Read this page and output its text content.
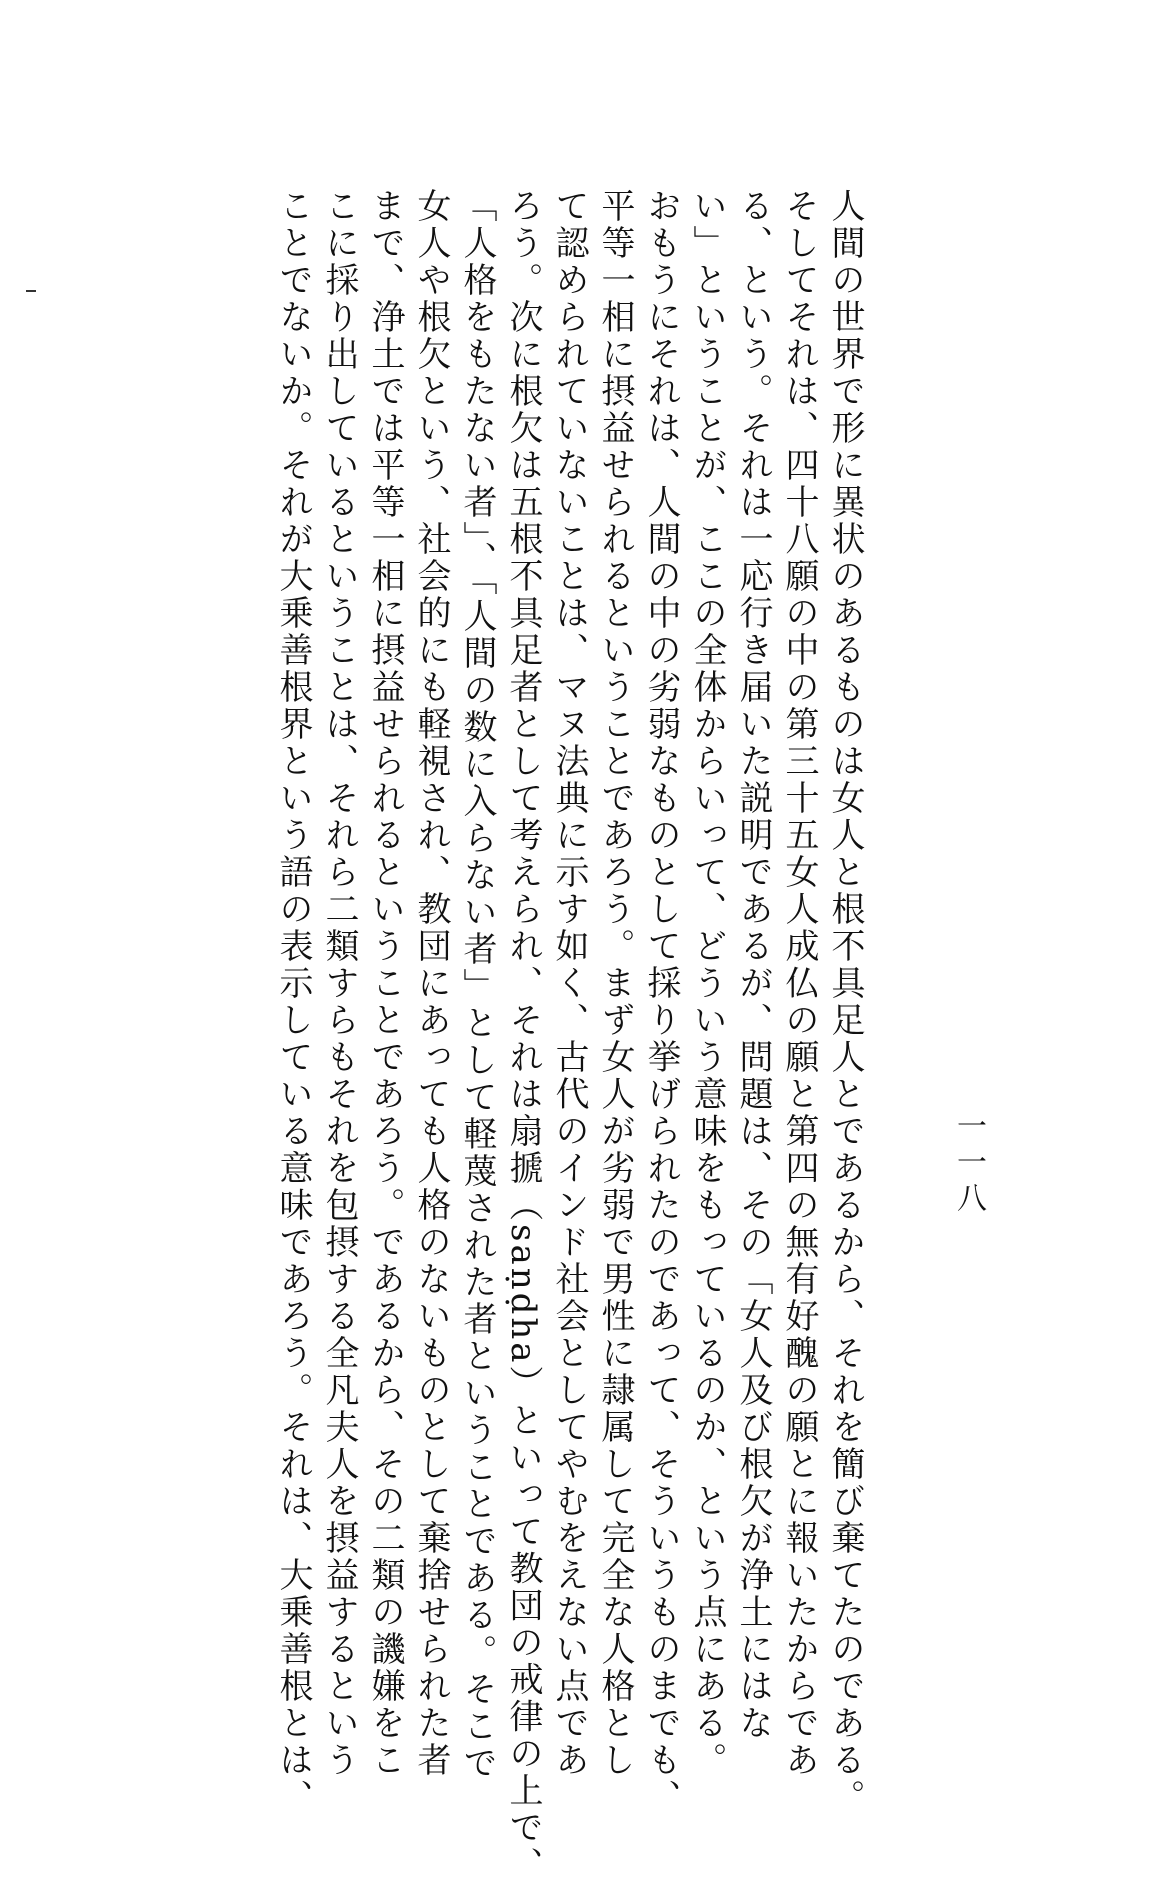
人間の世界で形に異状のあるものは女人と根不具足人とであるから、それを簡び棄てたのである。
そしてそれは、四十八願の中の第三十五女人成仏の願と第四の無有好醜の願とに報いたからであ
る、という。それは一応行き届いた説明であるが、問題は、その「女人及び根欠が浄土にはな
い」ということが、ここの全体からいって、どういう意味をもっているのか、という点にある。
おもうにそれは、人間の中の劣弱なものとして採り挙げられたのであって、そういうものまでも、
平等一相に摂益せられるということであろう。まず女人が劣弱で男性に隷属して完全な人格とし
て認められていないことは、マヌ法典に示す如く、古代のインド社会としてやむをえない点であ
ろう。次に根欠は五根不具足者として考えられ、それは扇搋（saṇḍha）といって教団の戒律の上で、
「人格をもたない者」、「人間の数に入らない者」として軽蔑された者ということである。そこで
女人や根欠という、社会的にも軽視され、教団にあっても人格のないものとして棄捨せられた者
まで、浄土では平等一相に摂益せられるということであろう。であるから、その二類の譏嫌をこ
こに採り出しているということは、それら二類すらもそれを包摂する全凡夫人を摂益するという
ことでないか。それが大乗善根界という語の表示している意味であろう。それは、大乗善根とは、	一一八
